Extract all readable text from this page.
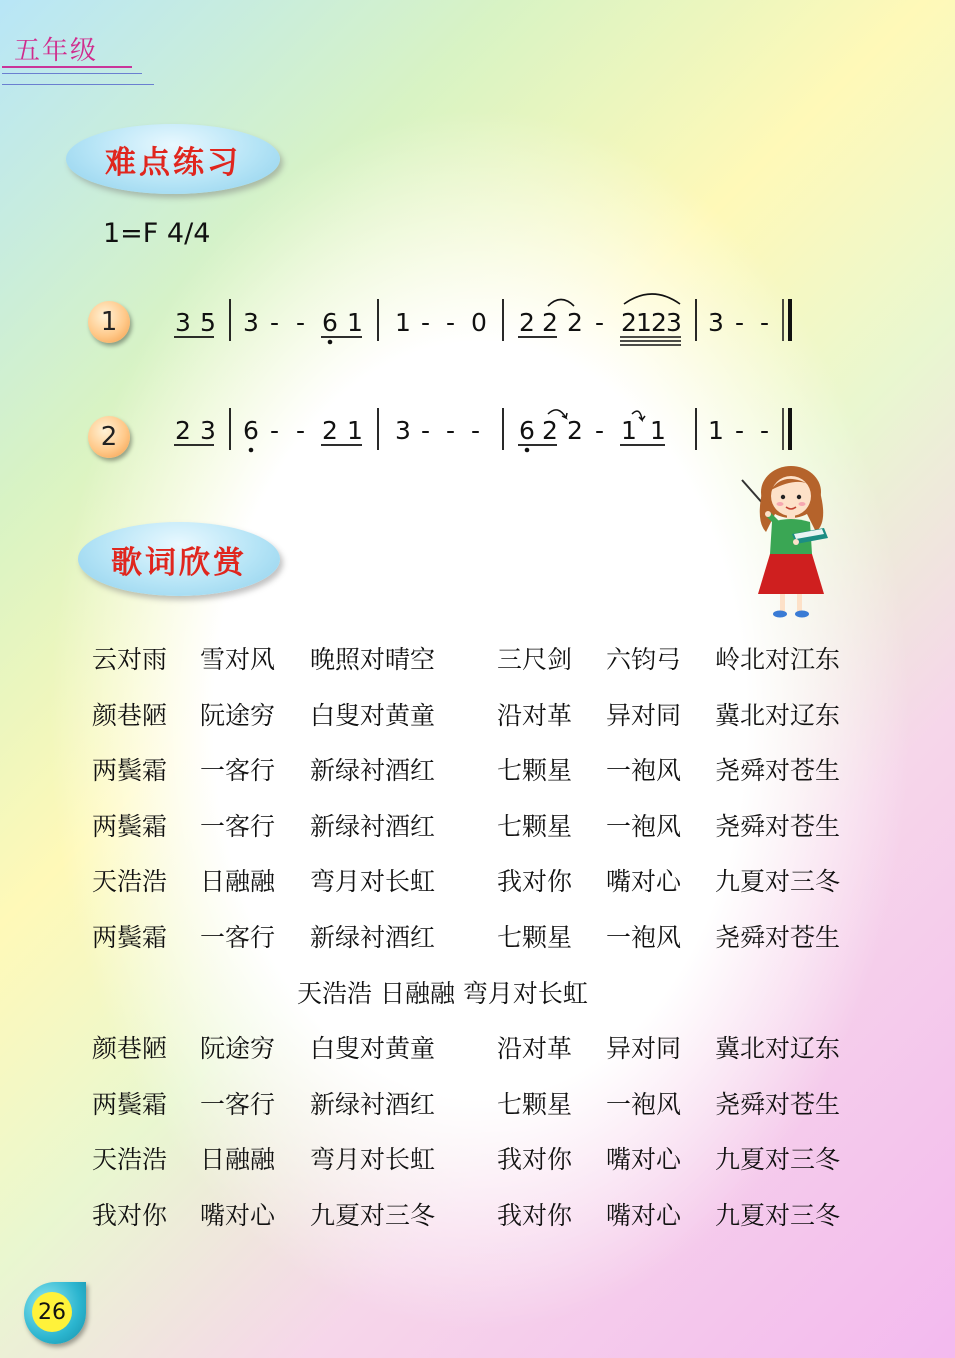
五年级
难点练习
1=F 4/4
1
2
3 5 3 - - 6 1 1 - - 0 2 2 2 - 2 1 2 3 3 - -
2 3 6 - - 2 1 3 - - - 6 2 2 - 1 1 1 - -
歌词欣赏
云对雨 雪对风 晚照对晴空 三尺剑 六钧弓 岭北对江东
颜巷陋 阮途穷 白叟对黄童 沿对革 异对同 冀北对辽东
两鬓霜 一客行 新绿衬酒红 七颗星 一袍风 尧舜对苍生
两鬓霜 一客行 新绿衬酒红 七颗星 一袍风 尧舜对苍生
天浩浩 日融融 弯月对长虹 我对你 嘴对心 九夏对三冬
两鬓霜 一客行 新绿衬酒红 七颗星 一袍风 尧舜对苍生
天浩浩 日融融 弯月对长虹
颜巷陋 阮途穷 白叟对黄童 沿对革 异对同 冀北对辽东
两鬓霜 一客行 新绿衬酒红 七颗星 一袍风 尧舜对苍生
天浩浩 日融融 弯月对长虹 我对你 嘴对心 九夏对三冬
我对你 嘴对心 九夏对三冬 我对你 嘴对心 九夏对三冬
26
